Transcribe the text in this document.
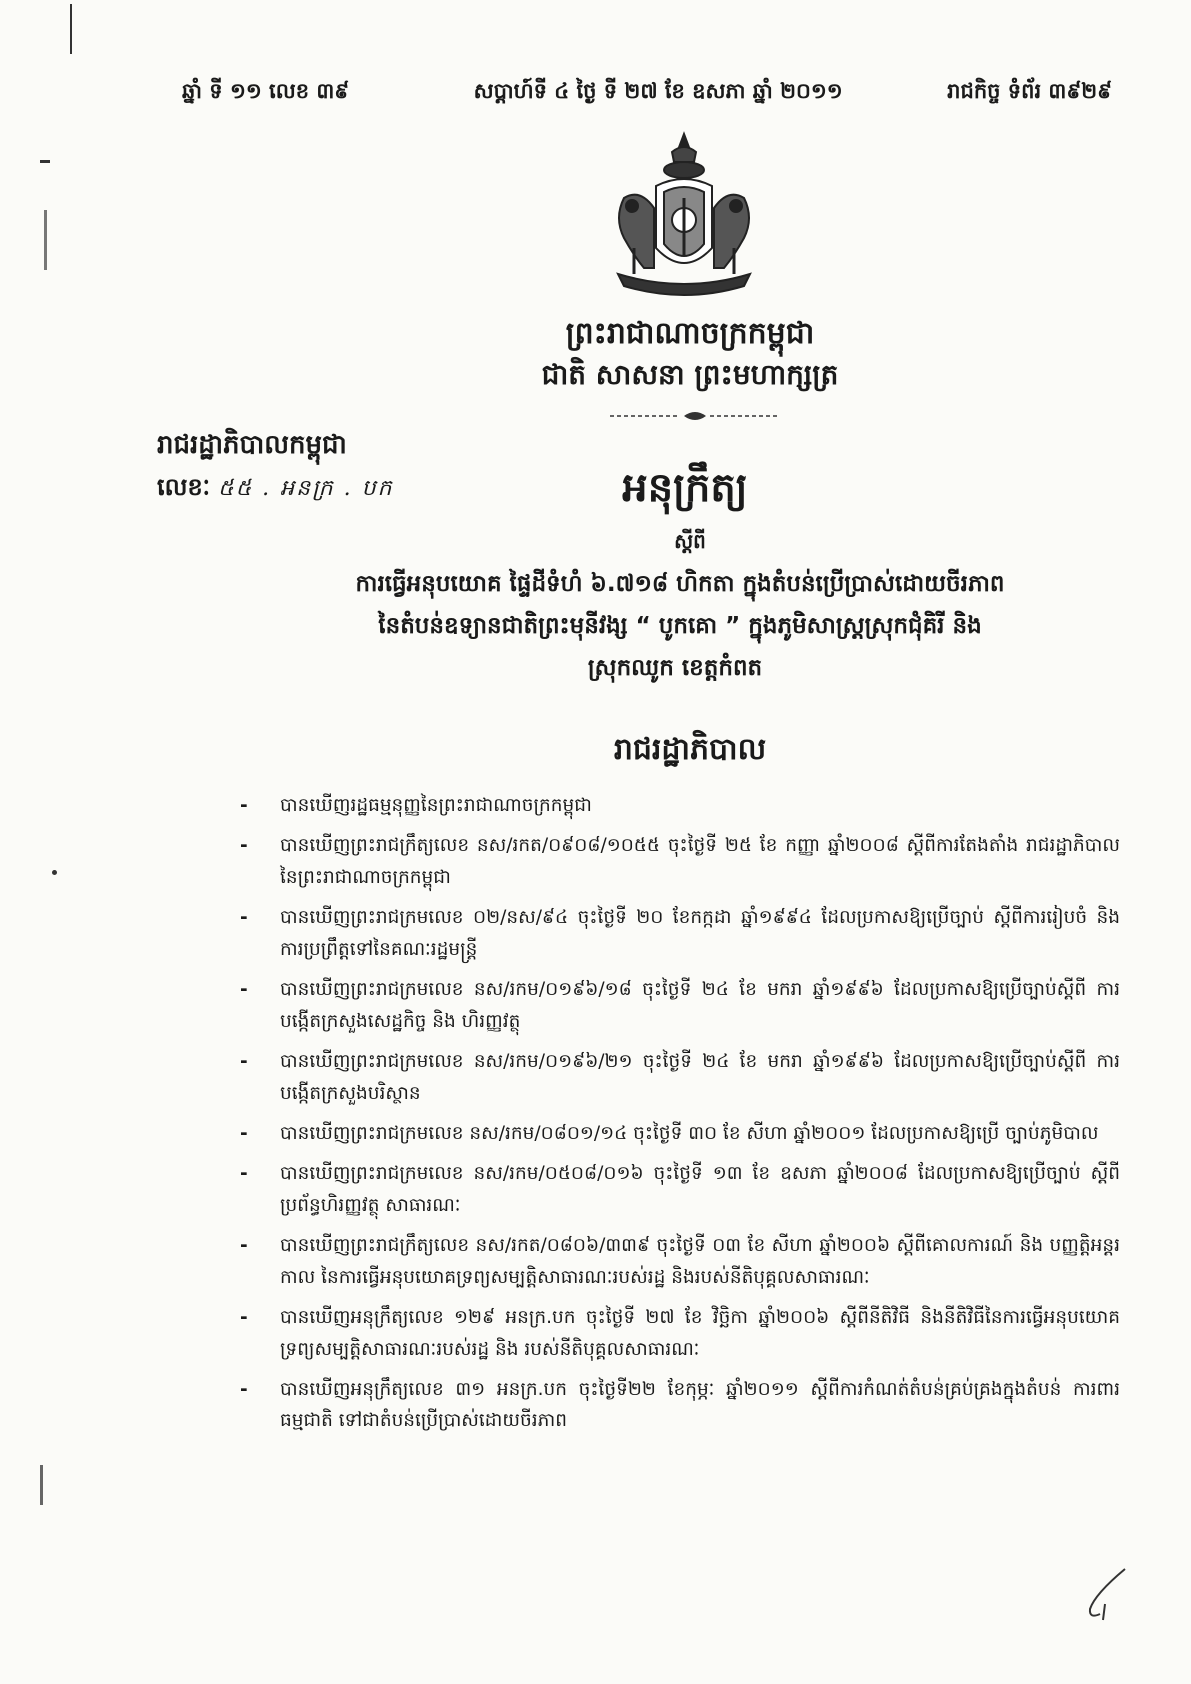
ឆ្នាំ ទី ១១ លេខ ៣៩	សប្តាហ៍ទី ៤ ថ្ងៃ ទី ២៧ ខែ ឧសភា ឆ្នាំ ២០១១	រាជកិច្ច ទំព័រ ៣៩២៩
ព្រះរាជាណាចក្រកម្ពុជា
ជាតិ សាសនា ព្រះមហាក្សត្រ
រាជរដ្ឋាភិបាលកម្ពុជា
លេខៈ ៥៥ . អនក្រ . បក	អនុក្រឹត្យ
ស្តីពី
ការធ្វើអនុបយោគ ផ្ទៃដីទំហំ ៦.៧១៨ ហិកតា ក្នុងតំបន់ប្រើប្រាស់ដោយចីរភាព
នៃតំបន់ឧទ្យានជាតិព្រះមុនីវង្ស “ បូកគោ ” ក្នុងភូមិសាស្ត្រស្រុកជុំគិរី និង
ស្រុកឈូក ខេត្តកំពត
រាជរដ្ឋាភិបាល
- បានឃើញរដ្ឋធម្មនុញ្ញនៃព្រះរាជាណាចក្រកម្ពុជា
- បានឃើញព្រះរាជក្រឹត្យលេខ នស/រកត/០៩០៨/១០៥៥ ចុះថ្ងៃទី ២៥ ខែ កញ្ញា ឆ្នាំ២០០៨ ស្តីពីការតែងតាំង រាជរដ្ឋាភិបាល នៃព្រះរាជាណាចក្រកម្ពុជា
- បានឃើញព្រះរាជក្រមលេខ ០២/នស/៩៤ ចុះថ្ងៃទី ២០ ខែកក្កដា ឆ្នាំ១៩៩៤ ដែលប្រកាសឱ្យប្រើច្បាប់ ស្តីពីការរៀបចំ និង ការប្រព្រឹត្តទៅនៃគណៈរដ្ឋមន្ត្រី
- បានឃើញព្រះរាជក្រមលេខ នស/រកម/០១៩៦/១៨ ចុះថ្ងៃទី ២៤ ខែ មករា ឆ្នាំ១៩៩៦ ដែលប្រកាសឱ្យប្រើច្បាប់ស្តីពី ការបង្កើតក្រសួងសេដ្ឋកិច្ច និង ហិរញ្ញវត្ថុ
- បានឃើញព្រះរាជក្រមលេខ នស/រកម/០១៩៦/២១ ចុះថ្ងៃទី ២៤ ខែ មករា ឆ្នាំ១៩៩៦ ដែលប្រកាសឱ្យប្រើច្បាប់ស្តីពី ការបង្កើតក្រសួងបរិស្ថាន
- បានឃើញព្រះរាជក្រមលេខ នស/រកម/០៨០១/១៤ ចុះថ្ងៃទី ៣០ ខែ សីហា ឆ្នាំ២០០១ ដែលប្រកាសឱ្យប្រើ ច្បាប់ភូមិបាល
- បានឃើញព្រះរាជក្រមលេខ នស/រកម/០៥០៨/០១៦ ចុះថ្ងៃទី ១៣ ខែ ឧសភា ឆ្នាំ២០០៨ ដែលប្រកាសឱ្យប្រើច្បាប់ ស្តីពីប្រព័ន្ធហិរញ្ញវត្ថុ សាធារណៈ
- បានឃើញព្រះរាជក្រឹត្យលេខ នស/រកត/០៨០៦/៣៣៩ ចុះថ្ងៃទី ០៣ ខែ សីហា ឆ្នាំ២០០៦ ស្តីពីគោលការណ៍ និង បញ្ញត្តិអន្តរកាល នៃការធ្វើអនុបយោគទ្រព្យសម្បត្តិសាធារណៈរបស់រដ្ឋ និងរបស់នីតិបុគ្គលសាធារណៈ
- បានឃើញអនុក្រឹត្យលេខ ១២៩ អនក្រ.បក ចុះថ្ងៃទី ២៧ ខែ វិច្ឆិកា ឆ្នាំ២០០៦ ស្តីពីនីតិវិធី និងនីតិវិធីនៃការធ្វើអនុបយោគ ទ្រព្យសម្បត្តិសាធារណៈរបស់រដ្ឋ និង របស់នីតិបុគ្គលសាធារណៈ
- បានឃើញអនុក្រឹត្យលេខ ៣១ អនក្រ.បក ចុះថ្ងៃទី២២ ខែកុម្ភៈ ឆ្នាំ២០១១ ស្តីពីការកំណត់តំបន់គ្រប់គ្រងក្នុងតំបន់ ការពារធម្មជាតិ ទៅជាតំបន់ប្រើប្រាស់ដោយចីរភាព
